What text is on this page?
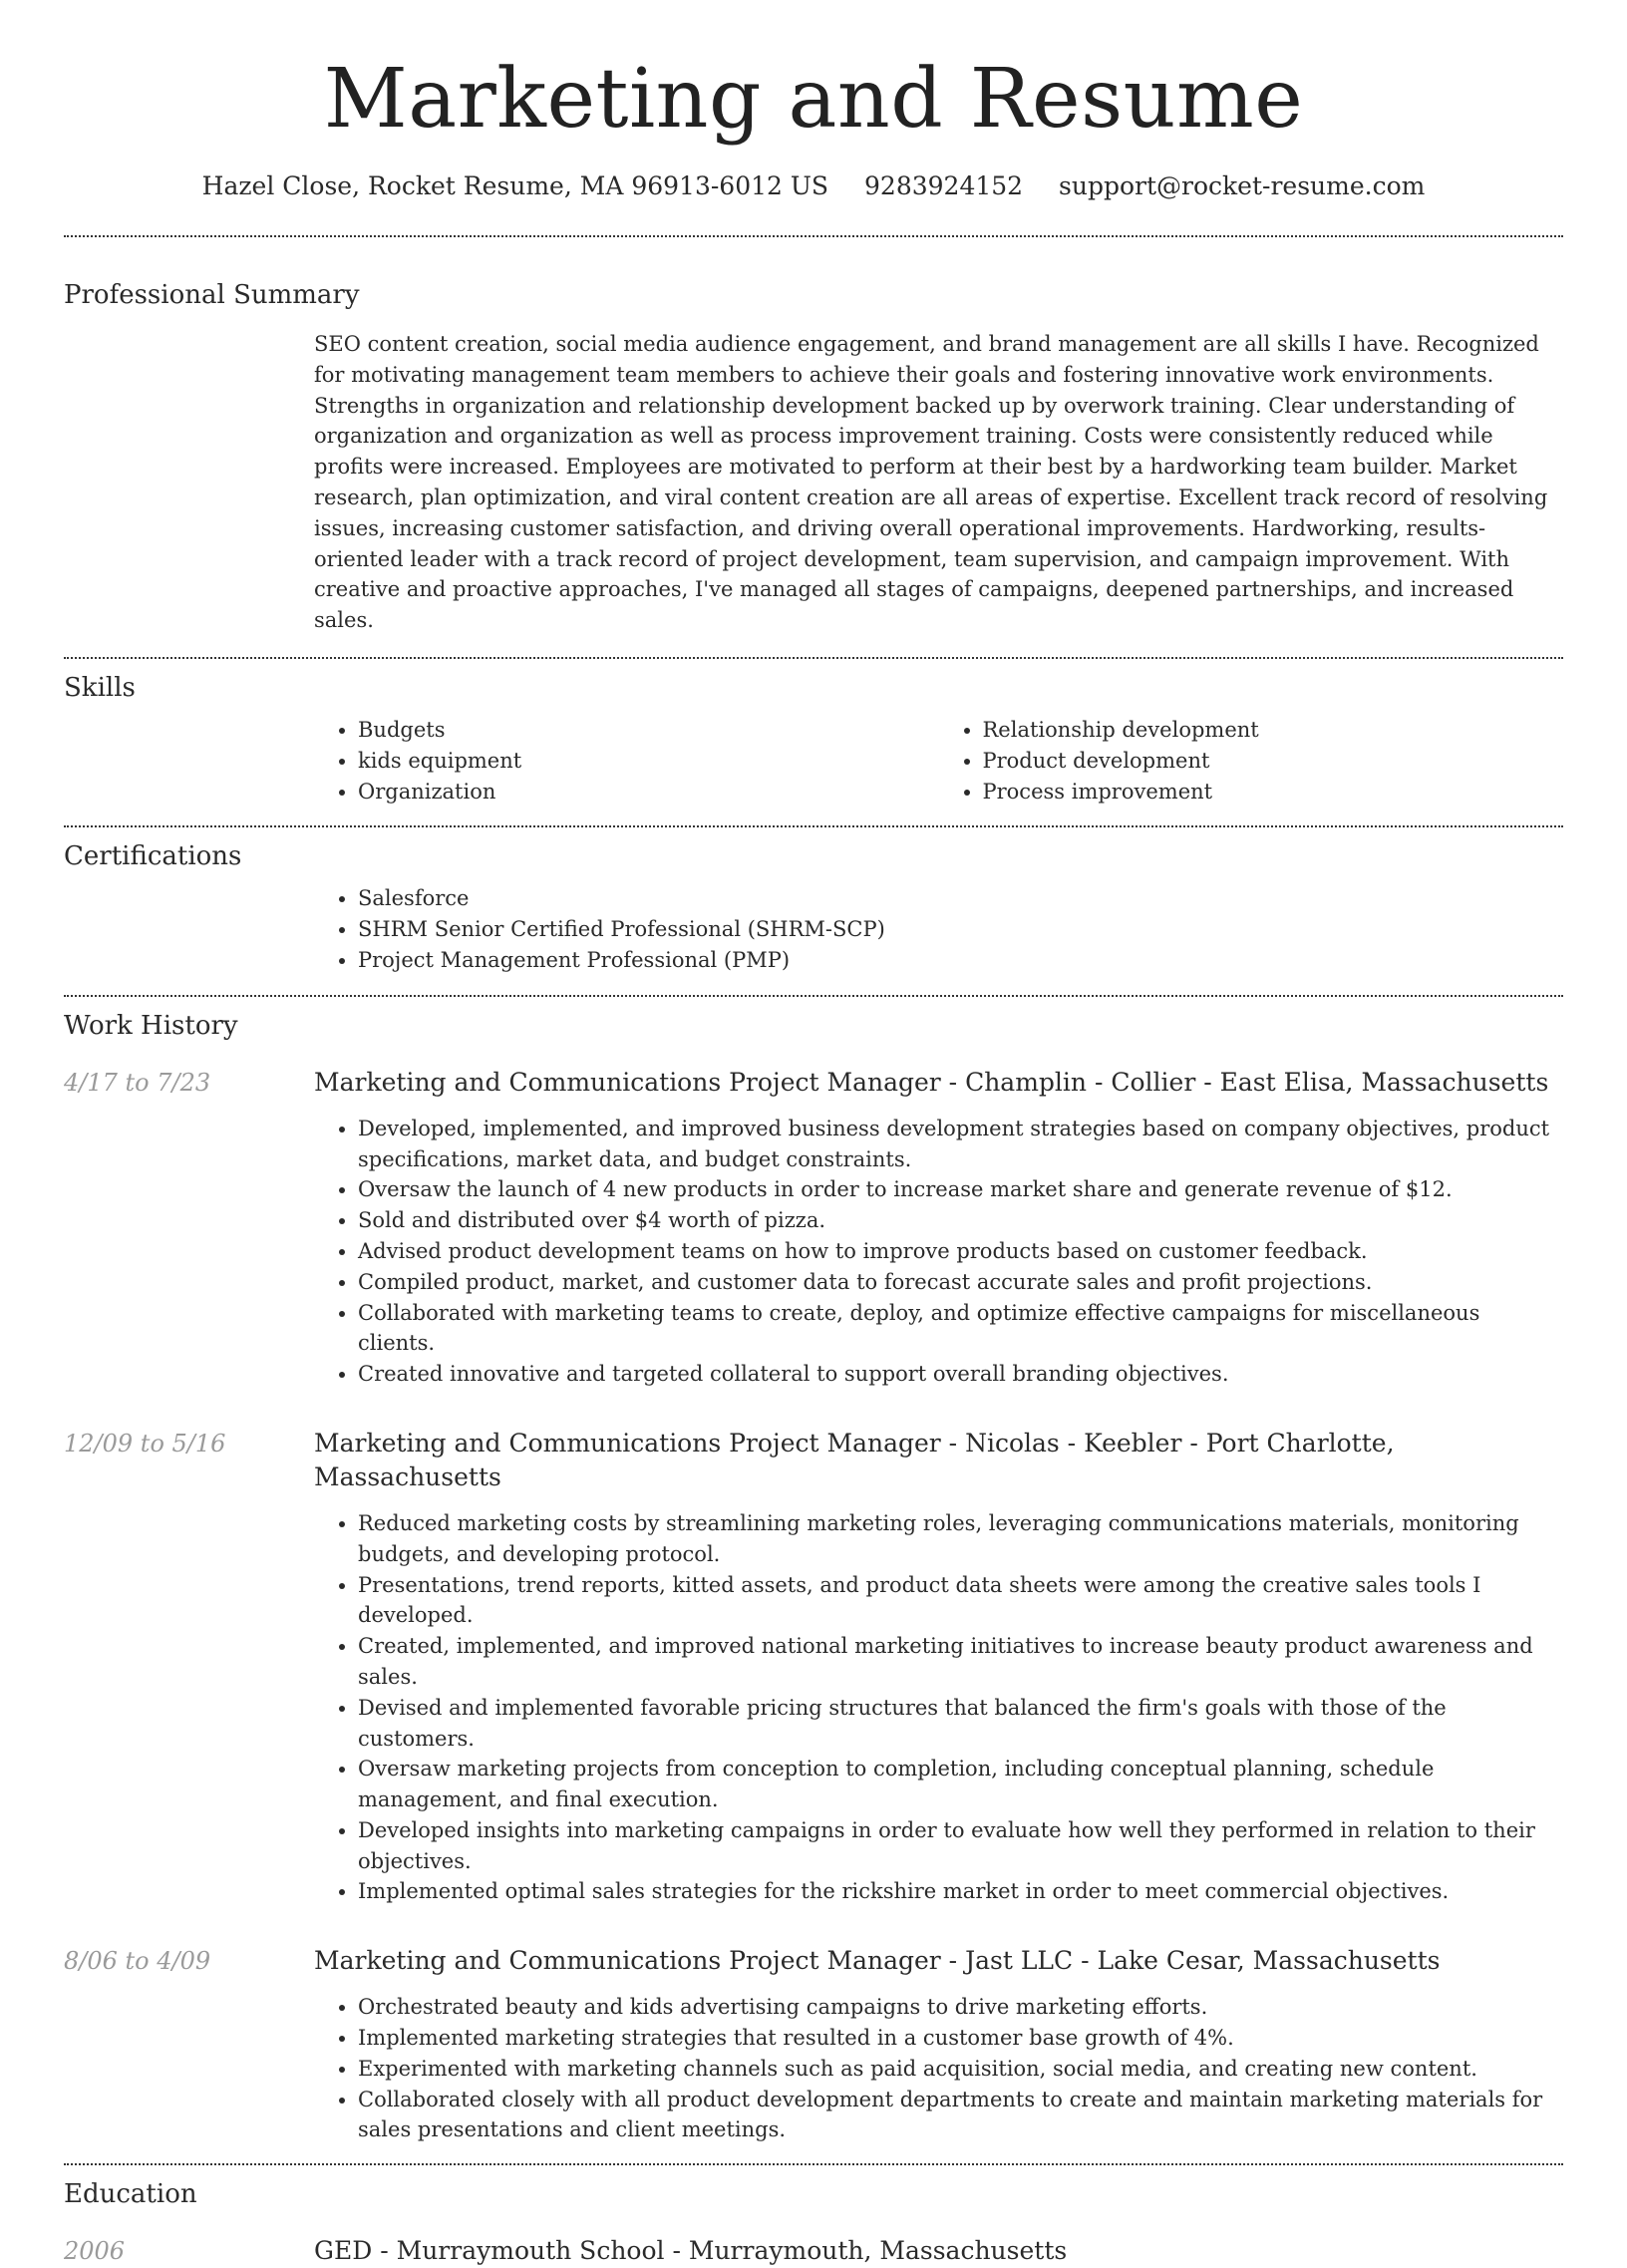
Marketing and Resume
Hazel Close, Rocket Resume, MA 96913-6012 US 9283924152 support@rocket-resume.com
Professional Summary
SEO content creation, social media audience engagement, and brand management are all skills I have. Recognized for motivating management team members to achieve their goals and fostering innovative work environments. Strengths in organization and relationship development backed up by overwork training. Clear understanding of organization and organization as well as process improvement training. Costs were consistently reduced while profits were increased. Employees are motivated to perform at their best by a hardworking team builder. Market research, plan optimization, and viral content creation are all areas of expertise. Excellent track record of resolving issues, increasing customer satisfaction, and driving overall operational improvements. Hardworking, results-oriented leader with a track record of project development, team supervision, and campaign improvement. With creative and proactive approaches, I've managed all stages of campaigns, deepened partnerships, and increased sales.
Skills
• Budgets
• kids equipment
• Organization
• Relationship development
• Product development
• Process improvement
Certifications
• Salesforce
• SHRM Senior Certified Professional (SHRM-SCP)
• Project Management Professional (PMP)
Work History
4/17 to 7/23	Marketing and Communications Project Manager - Champlin - Collier - East Elisa, Massachusetts
• Developed, implemented, and improved business development strategies based on company objectives, product specifications, market data, and budget constraints.
• Oversaw the launch of 4 new products in order to increase market share and generate revenue of $12.
• Sold and distributed over $4 worth of pizza.
• Advised product development teams on how to improve products based on customer feedback.
• Compiled product, market, and customer data to forecast accurate sales and profit projections.
• Collaborated with marketing teams to create, deploy, and optimize effective campaigns for miscellaneous clients.
• Created innovative and targeted collateral to support overall branding objectives.
12/09 to 5/16	Marketing and Communications Project Manager - Nicolas - Keebler - Port Charlotte, Massachusetts
• Reduced marketing costs by streamlining marketing roles, leveraging communications materials, monitoring budgets, and developing protocol.
• Presentations, trend reports, kitted assets, and product data sheets were among the creative sales tools I developed.
• Created, implemented, and improved national marketing initiatives to increase beauty product awareness and sales.
• Devised and implemented favorable pricing structures that balanced the firm's goals with those of the customers.
• Oversaw marketing projects from conception to completion, including conceptual planning, schedule management, and final execution.
• Developed insights into marketing campaigns in order to evaluate how well they performed in relation to their objectives.
• Implemented optimal sales strategies for the rickshire market in order to meet commercial objectives.
8/06 to 4/09	Marketing and Communications Project Manager - Jast LLC - Lake Cesar, Massachusetts
• Orchestrated beauty and kids advertising campaigns to drive marketing efforts.
• Implemented marketing strategies that resulted in a customer base growth of 4%.
• Experimented with marketing channels such as paid acquisition, social media, and creating new content.
• Collaborated closely with all product development departments to create and maintain marketing materials for sales presentations and client meetings.
Education
2006	GED - Murraymouth School - Murraymouth, Massachusetts
